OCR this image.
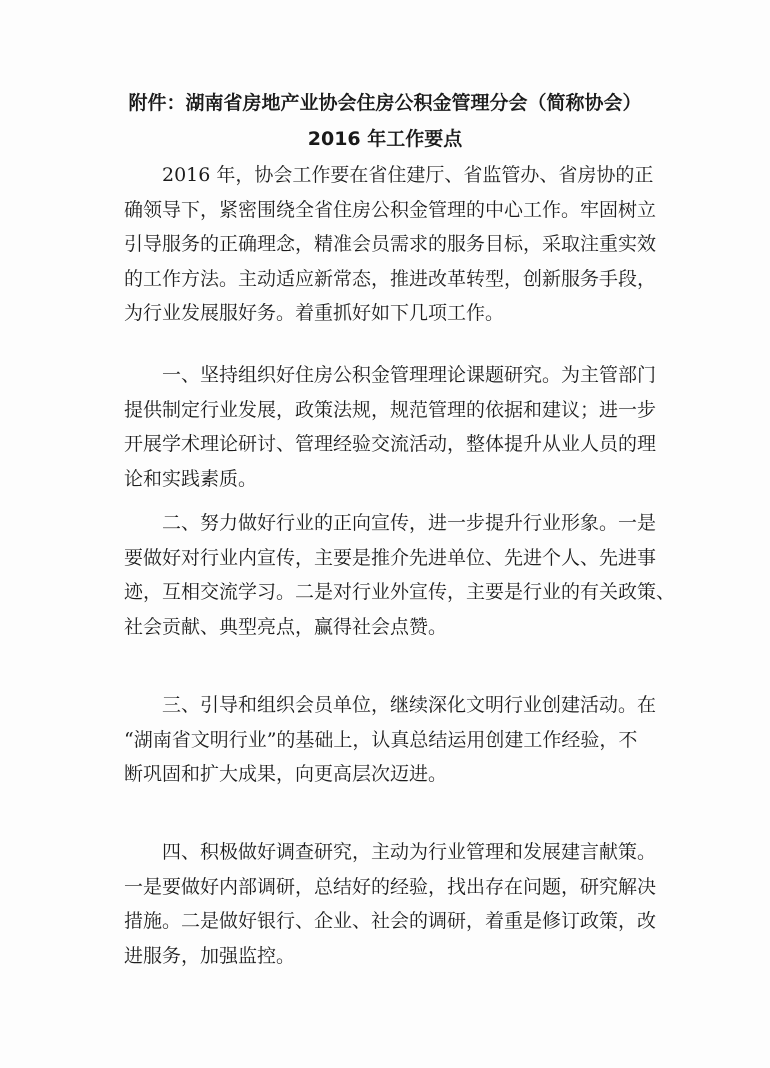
附件：湖南省房地产业协会住房公积金管理分会（简称协会）
2016 年工作要点
　　2016 年，协会工作要在省住建厅、省监管办、省房协的正
确领导下，紧密围绕全省住房公积金管理的中心工作。牢固树立
引导服务的正确理念，精准会员需求的服务目标，采取注重实效
的工作方法。主动适应新常态，推进改革转型，创新服务手段，
为行业发展服好务。着重抓好如下几项工作。
　　一、坚持组织好住房公积金管理理论课题研究。为主管部门
提供制定行业发展，政策法规，规范管理的依据和建议；进一步
开展学术理论研讨、管理经验交流活动，整体提升从业人员的理
论和实践素质。
　　二、努力做好行业的正向宣传，进一步提升行业形象。一是
要做好对行业内宣传，主要是推介先进单位、先进个人、先进事
迹，互相交流学习。二是对行业外宣传，主要是行业的有关政策、
社会贡献、典型亮点，赢得社会点赞。
　　三、引导和组织会员单位，继续深化文明行业创建活动。在
“湖南省文明行业”的基础上，认真总结运用创建工作经验，不
断巩固和扩大成果，向更高层次迈进。
　　四、积极做好调查研究，主动为行业管理和发展建言献策。
一是要做好内部调研，总结好的经验，找出存在问题，研究解决
措施。二是做好银行、企业、社会的调研，着重是修订政策，改
进服务，加强监控。
